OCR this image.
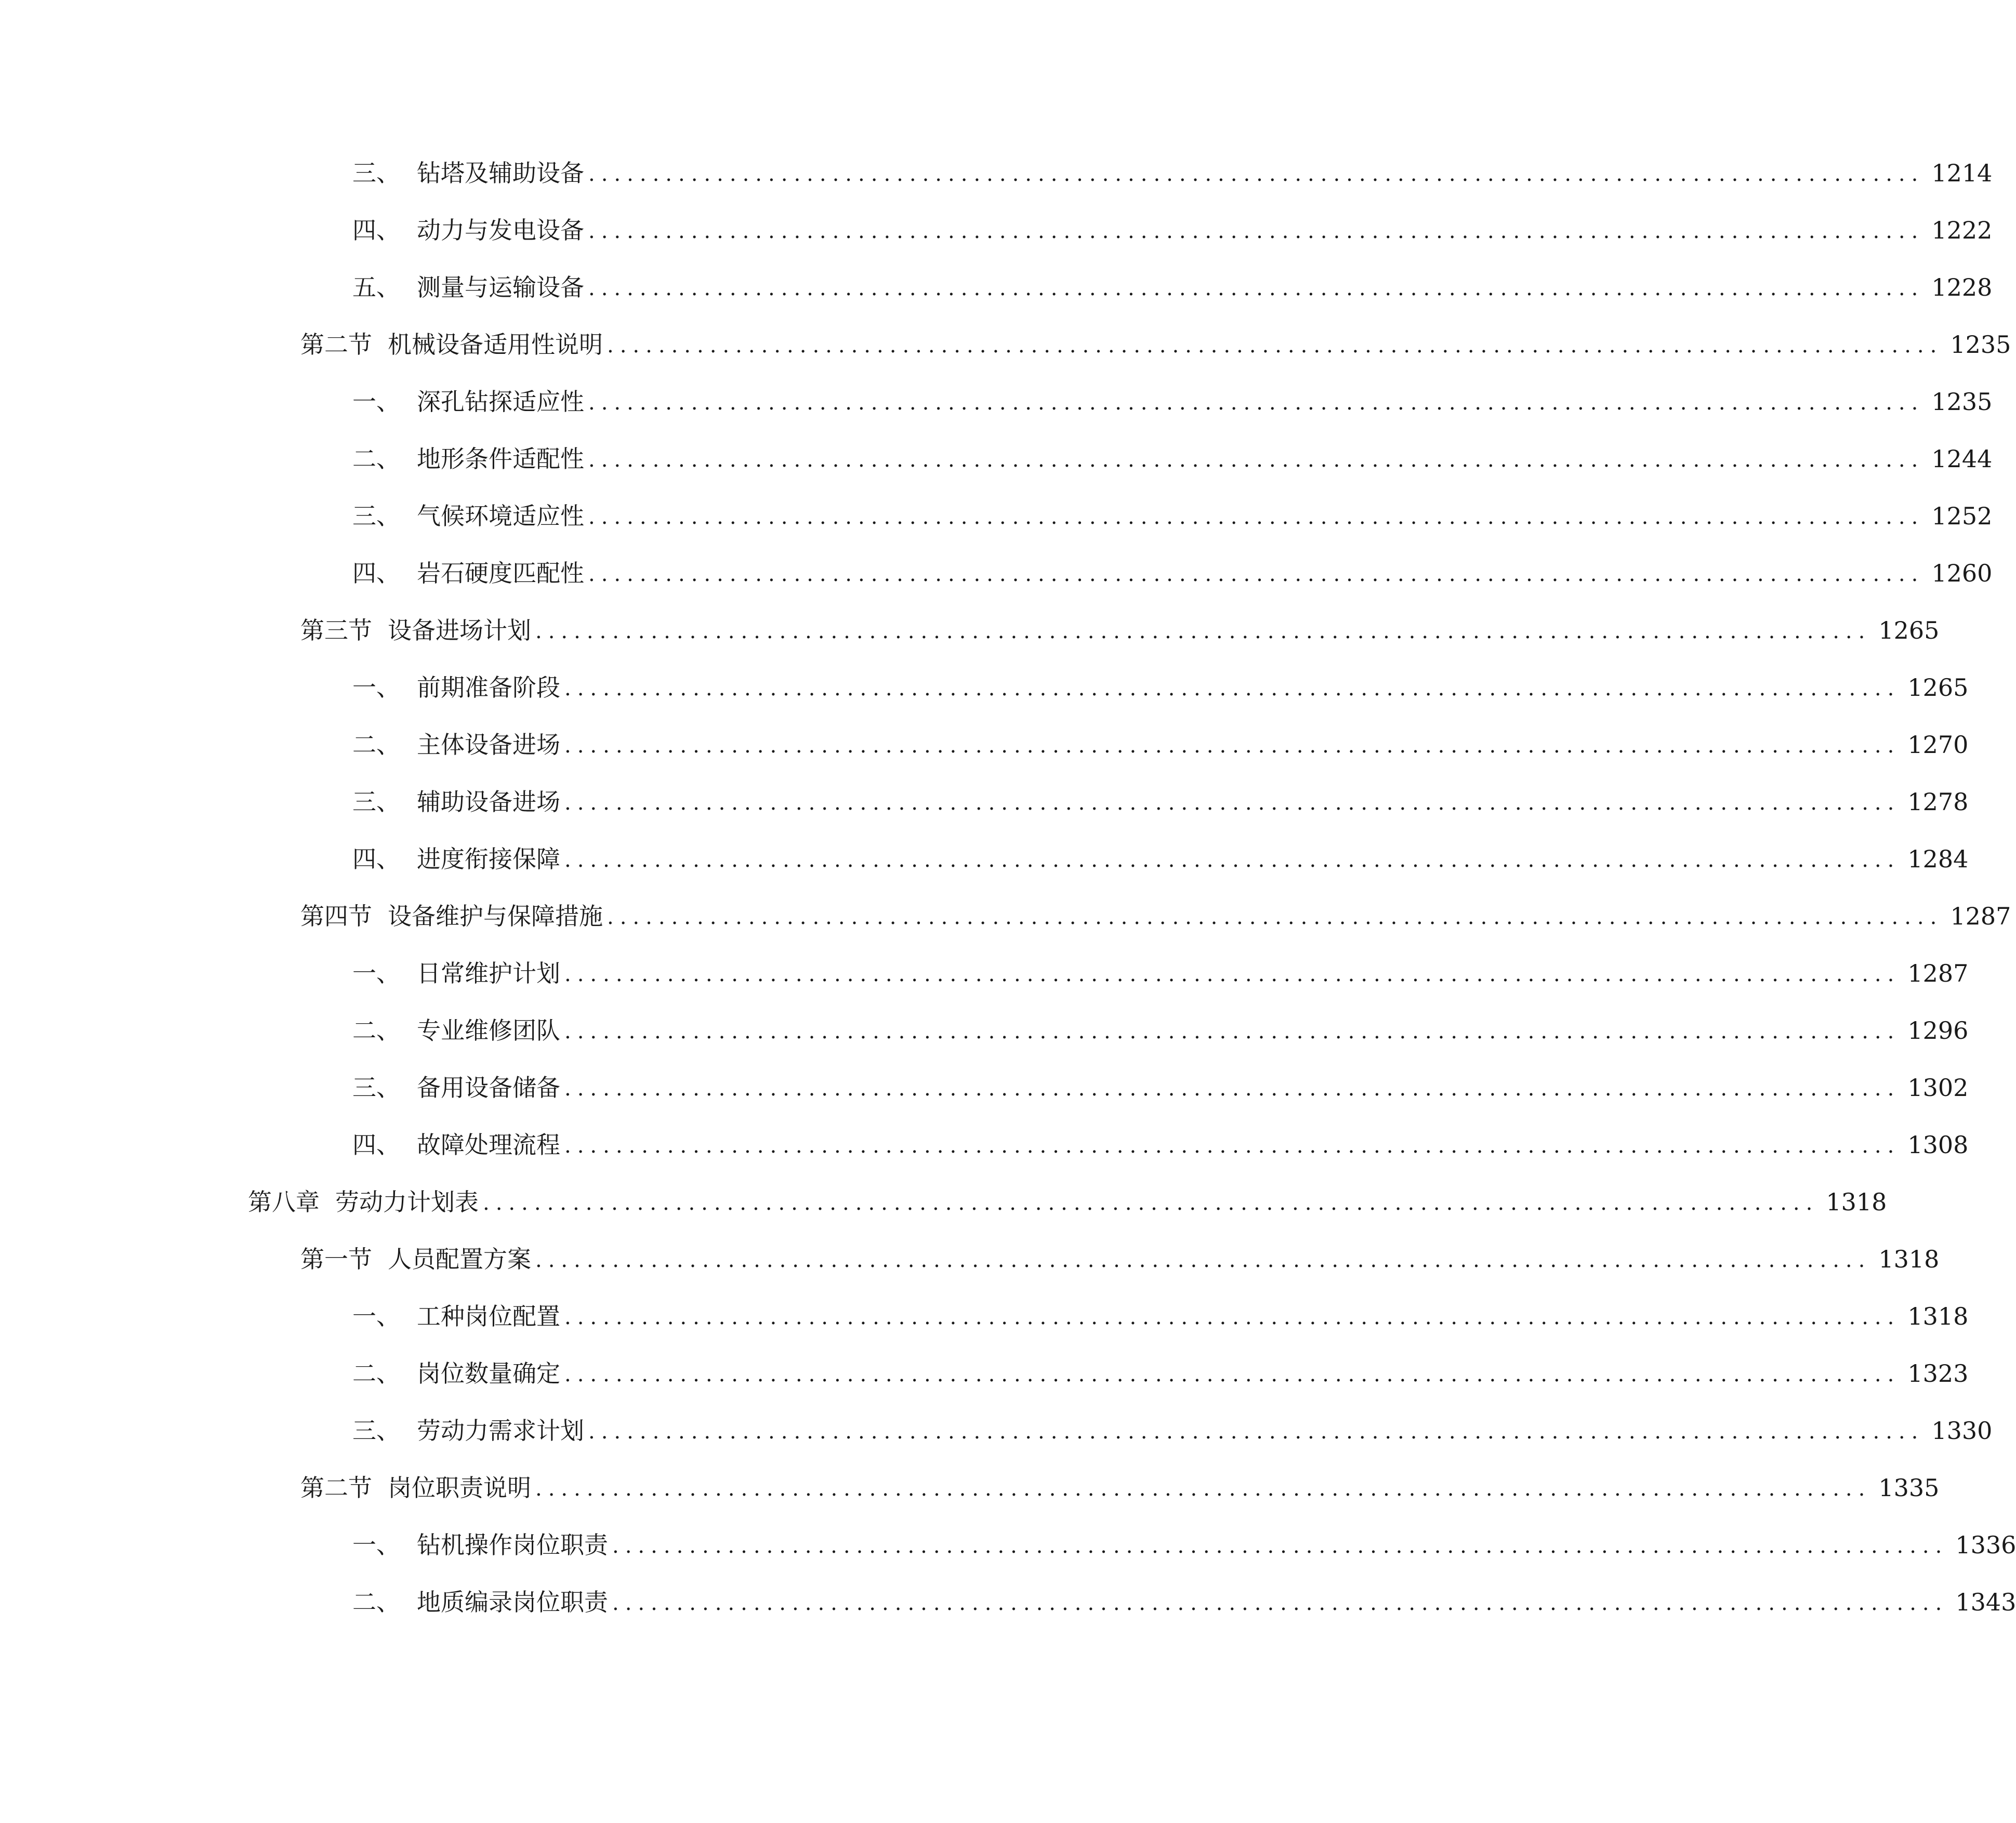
三、 钻塔及辅助设备 ........................................................................................................ 1214
四、 动力与发电设备 ........................................................................................................ 1222
五、 测量与运输设备 ........................................................................................................ 1228
第二节 机械设备适用性说明 ........................................................................................................ 1235
一、 深孔钻探适应性 ........................................................................................................ 1235
二、 地形条件适配性 ........................................................................................................ 1244
三、 气候环境适应性 ........................................................................................................ 1252
四、 岩石硬度匹配性 ........................................................................................................ 1260
第三节 设备进场计划 ........................................................................................................ 1265
一、 前期准备阶段 ........................................................................................................ 1265
二、 主体设备进场 ........................................................................................................ 1270
三、 辅助设备进场 ........................................................................................................ 1278
四、 进度衔接保障 ........................................................................................................ 1284
第四节 设备维护与保障措施 ........................................................................................................ 1287
一、 日常维护计划 ........................................................................................................ 1287
二、 专业维修团队 ........................................................................................................ 1296
三、 备用设备储备 ........................................................................................................ 1302
四、 故障处理流程 ........................................................................................................ 1308
第八章 劳动力计划表 ........................................................................................................ 1318
第一节 人员配置方案 ........................................................................................................ 1318
一、 工种岗位配置 ........................................................................................................ 1318
二、 岗位数量确定 ........................................................................................................ 1323
三、 劳动力需求计划 ........................................................................................................ 1330
第二节 岗位职责说明 ........................................................................................................ 1335
一、 钻机操作岗位职责 ........................................................................................................ 1336
二、 地质编录岗位职责 ........................................................................................................ 1343
